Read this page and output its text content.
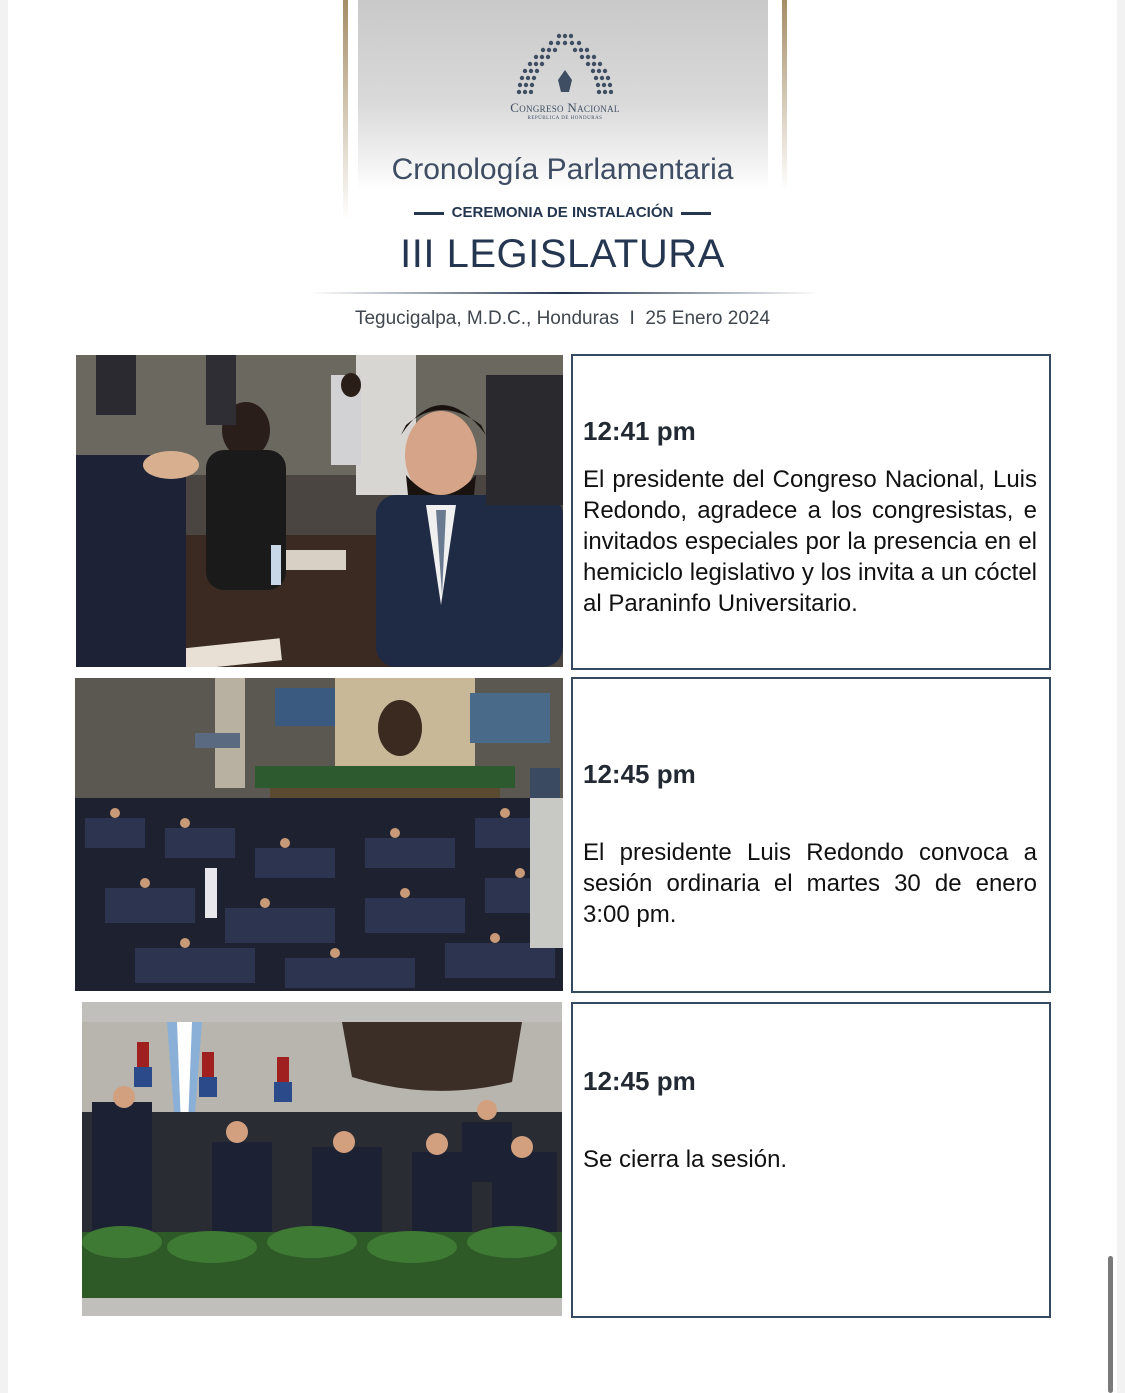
Congreso Nacional
REPÚBLICA DE HONDURAS
Cronología Parlamentaria
CEREMONIA DE INSTALACIÓN
III LEGISLATURA
Tegucigalpa, M.D.C., Honduras  I  25 Enero 2024
12:41 pm
El presidente del Congreso Nacional, Luis Redondo, agradece a los congresistas, e invitados especiales por la presencia en el hemiciclo legislativo y los invita a un cóctel al Paraninfo Universitario.
12:45 pm
El presidente Luis Redondo convoca a sesión ordinaria el martes 30 de enero 3:00 pm.
12:45 pm
Se cierra la sesión.
